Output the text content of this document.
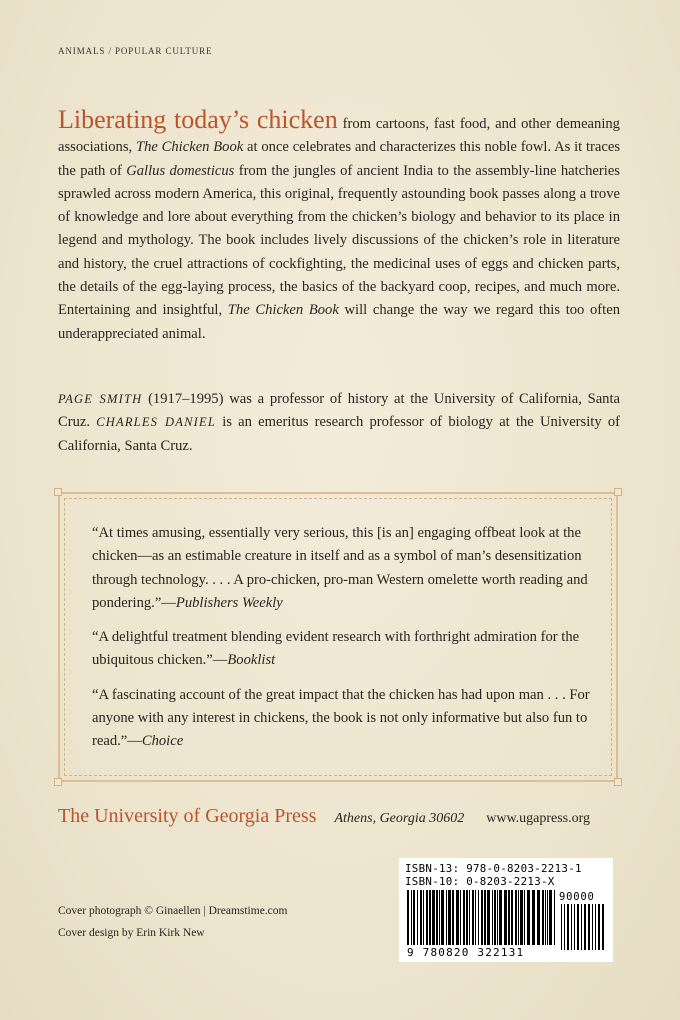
ANIMALS / POPULAR CULTURE
Liberating today’s chicken from cartoons, fast food, and other demeaning associations, The Chicken Book at once celebrates and characterizes this noble fowl. As it traces the path of Gallus domesticus from the jungles of ancient India to the assembly-line hatcheries sprawled across modern America, this original, frequently astounding book passes along a trove of knowledge and lore about everything from the chicken’s biology and behavior to its place in legend and mythology. The book includes lively discussions of the chicken’s role in literature and history, the cruel attractions of cockfighting, the medicinal uses of eggs and chicken parts, the details of the egg-laying process, the basics of the backyard coop, recipes, and much more. Entertaining and insightful, The Chicken Book will change the way we regard this too often underappreciated animal.
PAGE SMITH (1917–1995) was a professor of history at the University of California, Santa Cruz. CHARLES DANIEL is an emeritus research professor of biology at the University of California, Santa Cruz.

“At times amusing, essentially very serious, this [is an] engaging offbeat look at the chicken—as an estimable creature in itself and as a symbol of man’s desensitization through technology. . . . A pro-chicken, pro-man Western omelette worth reading and pondering.”—Publishers Weekly

“A delightful treatment blending evident research with forthright admiration for the ubiquitous chicken.”—Booklist

“A fascinating account of the great impact that the chicken has had upon man . . . For anyone with any interest in chickens, the book is not only informative but also fun to read.”—Choice

The University of Georgia Press Athens, Georgia 30602 www.ugapress.org
Cover photograph © Ginaellen | Dreamstime.com
Cover design by Erin Kirk New
ISBN-13: 978-0-8203-2213-1
ISBN-10: 0-8203-2213-X
90000
9 780820 322131
